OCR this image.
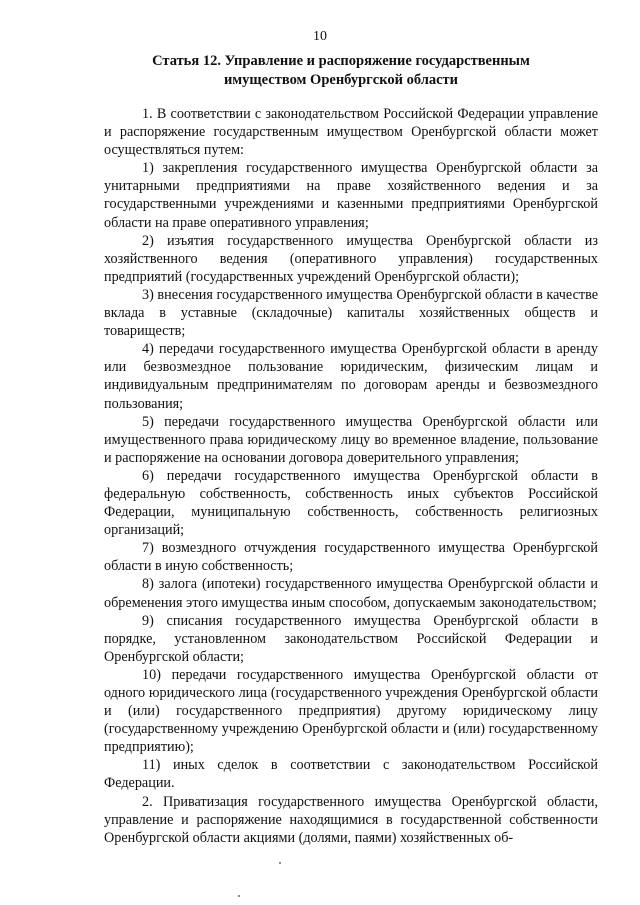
10
Статья 12. Управление и распоряжение государственным имуществом Оренбургской области

1. В соответствии с законодательством Российской Федерации управление и распоряжение государственным имуществом Оренбургской области может осуществляться путем:

1) закрепления государственного имущества Оренбургской области за унитарными предприятиями на праве хозяйственного ведения и за государственными учреждениями и казенными предприятиями Оренбургской области на праве оперативного управления;

2) изъятия государственного имущества Оренбургской области из хозяйственного ведения (оперативного управления) государственных предприятий (государственных учреждений Оренбургской области);

3) внесения государственного имущества Оренбургской области в качестве вклада в уставные (складочные) капиталы хозяйственных обществ и товариществ;

4) передачи государственного имущества Оренбургской области в аренду или безвозмездное пользование юридическим, физическим лицам и индивидуальным предпринимателям по договорам аренды и безвозмездного пользования;

5) передачи государственного имущества Оренбургской области или имущественного права юридическому лицу во временное владение, пользование и распоряжение на основании договора доверительного управления;

6) передачи государственного имущества Оренбургской области в федеральную собственность, собственность иных субъектов Российской Федерации, муниципальную собственность, собственность религиозных организаций;

7) возмездного отчуждения государственного имущества Оренбургской области в иную собственность;

8) залога (ипотеки) государственного имущества Оренбургской области и обременения этого имущества иным способом, допускаемым законодательством;

9) списания государственного имущества Оренбургской области в порядке, установленном законодательством Российской Федерации и Оренбургской области;

10) передачи государственного имущества Оренбургской области от одного юридического лица (государственного учреждения Оренбургской области и (или) государственного предприятия) другому юридическому лицу (государственному учреждению Оренбургской области и (или) государственному предприятию);

11) иных сделок в соответствии с законодательством Российской Федерации.

2. Приватизация государственного имущества Оренбургской области, управление и распоряжение находящимися в государственной собственности Оренбургской области акциями (долями, паями) хозяйственных об-
